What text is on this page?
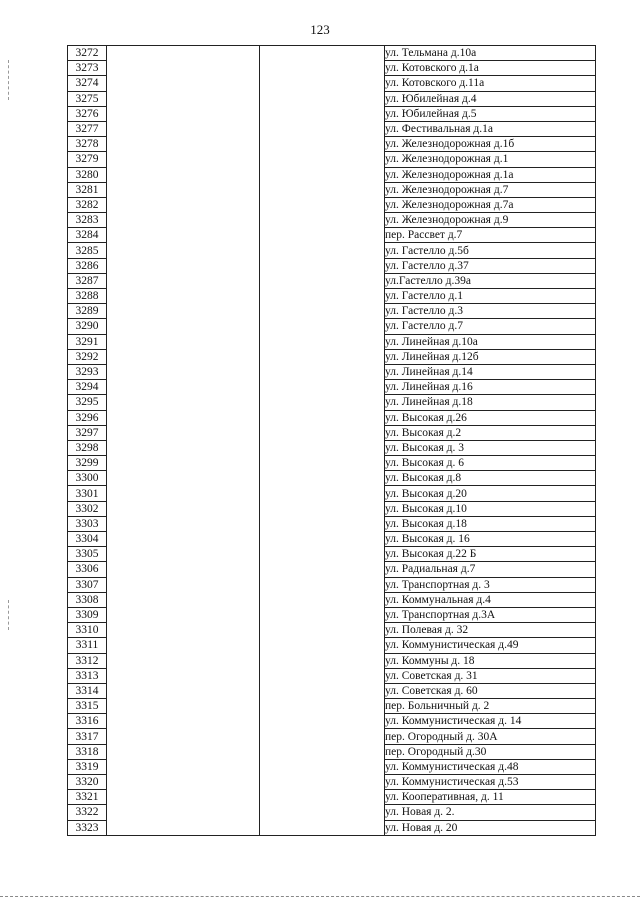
123
3272			ул. Тельмана д.10а
3273			ул. Котовского д.1а
3274			ул. Котовского д.11а
3275			ул. Юбилейная д.4
3276			ул. Юбилейная д.5
3277			ул. Фестивальная д.1а
3278			ул. Железнодорожная д.1б
3279			ул. Железнодорожная д.1
3280			ул. Железнодорожная д.1а
3281			ул. Железнодорожная д.7
3282			ул. Железнодорожная д.7а
3283			ул. Железнодорожная д.9
3284			пер. Рассвет д.7
3285			ул. Гастелло д.5б
3286			ул. Гастелло д.37
3287			ул.Гастелло д.39а
3288			ул. Гастелло д.1
3289			ул. Гастелло д.3
3290			ул. Гастелло д.7
3291			ул. Линейная д.10а
3292			ул. Линейная д.12б
3293			ул. Линейная д.14
3294			ул. Линейная д.16
3295			ул. Линейная д.18
3296			ул. Высокая д.26
3297			ул. Высокая д.2
3298			ул. Высокая д. 3
3299			ул. Высокая д. 6
3300			ул. Высокая д.8
3301			ул. Высокая д.20
3302			ул. Высокая д.10
3303			ул. Высокая д.18
3304			ул. Высокая д. 16
3305			ул. Высокая д.22 Б
3306			ул. Радиальная д.7
3307			ул. Транспортная д. 3
3308			ул. Коммунальная д.4
3309			ул. Транспортная д.3А
3310			ул. Полевая д. 32
3311			ул. Коммунистическая д.49
3312			ул. Коммуны д. 18
3313			ул. Советская д. 31
3314			ул. Советская д. 60
3315			пер. Больничный д. 2
3316			ул. Коммунистическая д. 14
3317			пер. Огородный д. 30А
3318			пер. Огородный д.30
3319			ул. Коммунистическая д.48
3320			ул. Коммунистическая д.53
3321			ул. Кооперативная, д. 11
3322			ул. Новая д. 2.
3323			ул. Новая д. 20
